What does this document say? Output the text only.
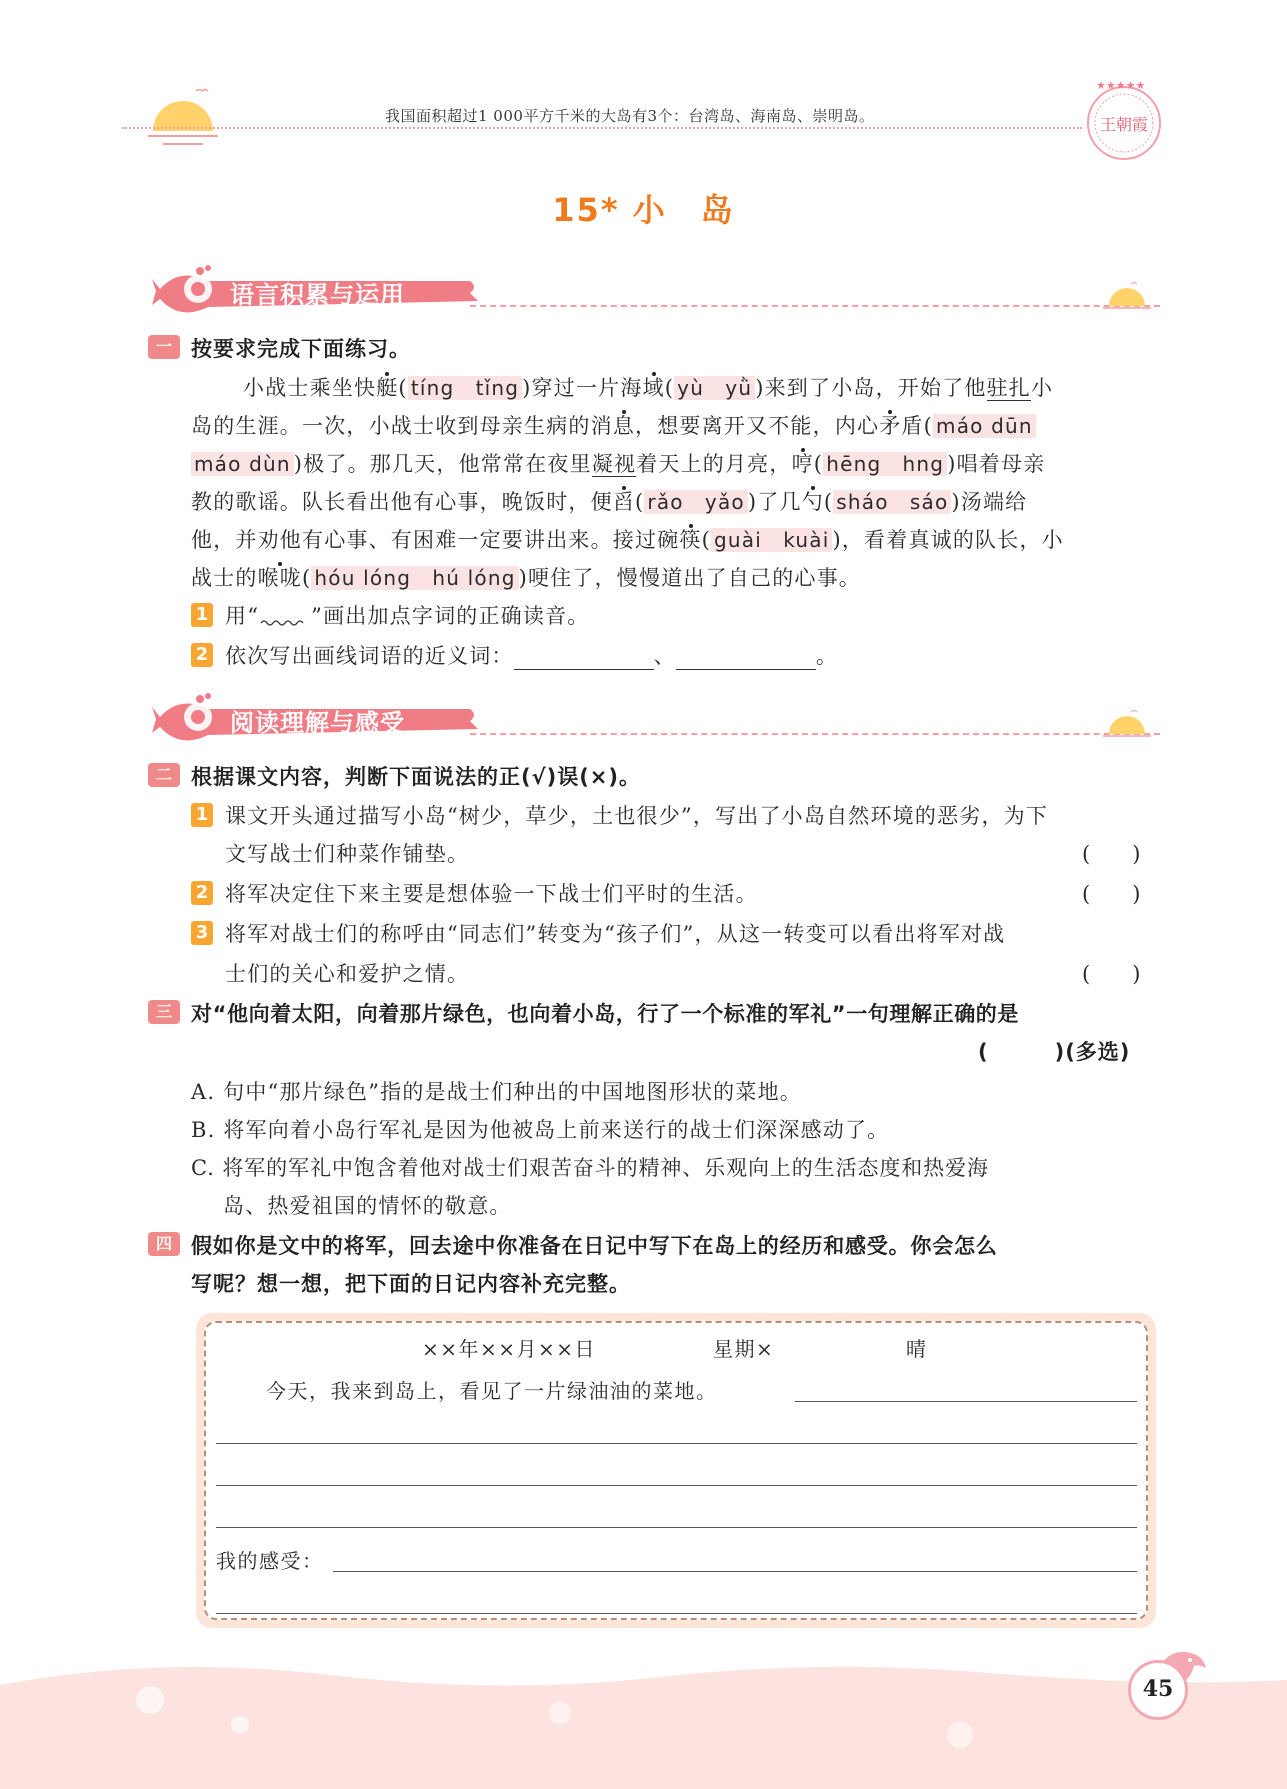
我国面积超过1 000平方千米的大岛有3个：台湾岛、海南岛、崇明岛。
★★★★★
王朝霞
15* 小　岛
语言积累与运用
一 按要求完成下面练习。
小战士乘坐快艇( tíng　tǐng )穿过一片海域( yù　yǜ )来到了小岛，开始了他驻扎小
岛的生涯。一次，小战士收到母亲生病的消息，想要离开又不能，内心矛盾( máo dūn
máo dùn )极了。那几天，他常常在夜里凝视着天上的月亮，哼( hēng　hng )唱着母亲
教的歌谣。队长看出他有心事，晚饭时，便舀( rǎo　yǎo )了几勺( sháo　sáo )汤端给
他，并劝他有心事、有困难一定要讲出来。接过碗筷( guài　kuài )，看着真诚的队长，小
战士的喉咙( hóu lóng　hú lóng )哽住了，慢慢道出了自己的心事。
1 用“ ”画出加点字词的正确读音。
2 依次写出画线词语的近义词：	、	。
阅读理解与感受
二 根据课文内容，判断下面说法的正(√)误(×)。
1 课文开头通过描写小岛“树少，草少，土也很少”，写出了小岛自然环境的恶劣，为下
文写战士们种菜作铺垫。	(　　)
2 将军决定住下来主要是想体验一下战士们平时的生活。	(　　)
3 将军对战士们的称呼由“同志们”转变为“孩子们”，从这一转变可以看出将军对战
士们的关心和爱护之情。	(　　)
三 对“他向着太阳，向着那片绿色，也向着小岛，行了一个标准的军礼”一句理解正确的是
(　　　)(多选)
A. 句中“那片绿色”指的是战士们种出的中国地图形状的菜地。
B. 将军向着小岛行军礼是因为他被岛上前来送行的战士们深深感动了。
C. 将军的军礼中饱含着他对战士们艰苦奋斗的精神、乐观向上的生活态度和热爱海
岛、热爱祖国的情怀的敬意。
四 假如你是文中的将军，回去途中你准备在日记中写下在岛上的经历和感受。你会怎么
写呢？想一想，把下面的日记内容补充完整。
××年××月××日	星期×	晴
今天，我来到岛上，看见了一片绿油油的菜地。
我的感受：
45
